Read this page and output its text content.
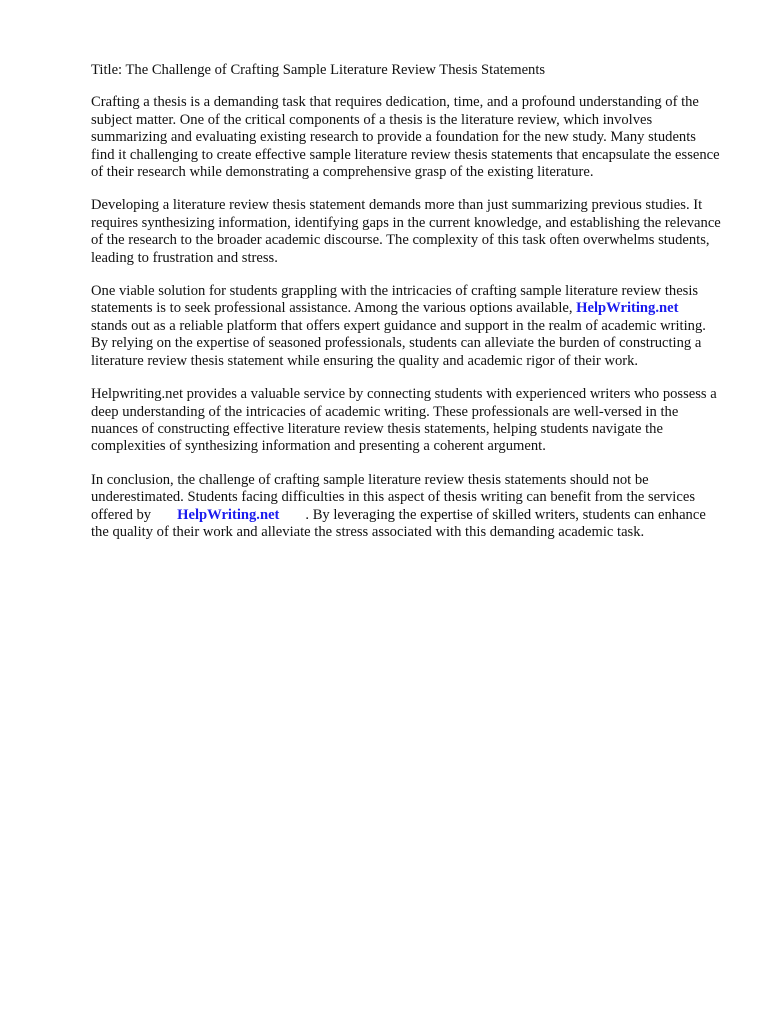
Title: The Challenge of Crafting Sample Literature Review Thesis Statements

Crafting a thesis is a demanding task that requires dedication, time, and a profound understanding of the subject matter. One of the critical components of a thesis is the literature review, which involves summarizing and evaluating existing research to provide a foundation for the new study. Many students find it challenging to create effective sample literature review thesis statements that encapsulate the essence of their research while demonstrating a comprehensive grasp of the existing literature.

Developing a literature review thesis statement demands more than just summarizing previous studies. It requires synthesizing information, identifying gaps in the current knowledge, and establishing the relevance of the research to the broader academic discourse. The complexity of this task often overwhelms students, leading to frustration and stress.

One viable solution for students grappling with the intricacies of crafting sample literature review thesis statements is to seek professional assistance. Among the various options available, HelpWriting.netstands out as a reliable platform that offers expert guidance and support in the realm of academic writing. By relying on the expertise of seasoned professionals, students can alleviate the burden of constructing a literature review thesis statement while ensuring the quality and academic rigor of their work.

Helpwriting.net provides a valuable service by connecting students with experienced writers who possess a deep understanding of the intricacies of academic writing. These professionals are well-versed in the nuances of constructing effective literature review thesis statements, helping students navigate the complexities of synthesizing information and presenting a coherent argument.

In conclusion, the challenge of crafting sample literature review thesis statements should not be underestimated. Students facing difficulties in this aspect of thesis writing can benefit from the services offered by HelpWriting.net . By leveraging the expertise of skilled writers, students can enhance the quality of their work and alleviate the stress associated with this demanding academic task.
